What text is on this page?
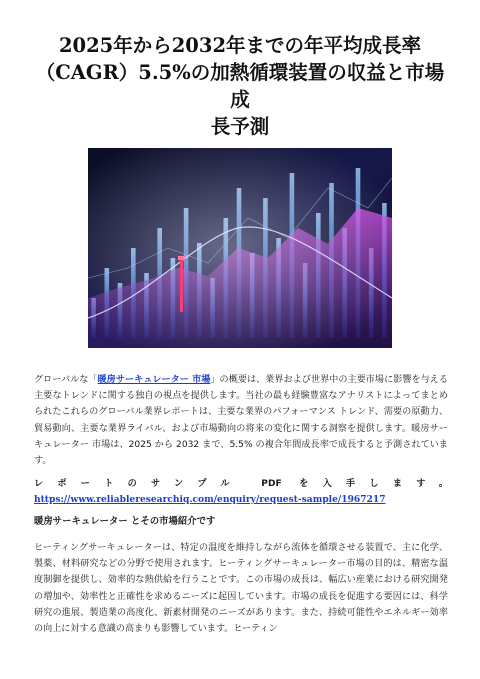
2025年から2032年までの年平均成長率
（CAGR）5.5%の加熱循環装置の収益と市場成
長予測

グローバルな「暖房サーキュレーター 市場」の概要は、業界および世界中の主要市場に影響を与える主要なトレンドに関する独自の視点を提供します。当社の最も経験豊富なアナリストによってまとめられたこれらのグローバル業界レポートは、主要な業界のパフォーマンス トレンド、需要の原動力、貿易動向、主要な業界ライバル、および市場動向の将来の変化に関する洞察を提供します。暖房サーキュレーター 市場は、2025 から 2032 まで、5.5% の複合年間成長率で成長すると予測されています。

レポートのサンプル PDF を入手します。https://www.reliableresearchiq.com/enquiry/request-sample/1967217

暖房サーキュレーター とその市場紹介です

ヒーティングサーキュレーターは、特定の温度を維持しながら流体を循環させる装置で、主に化学、製薬、材料研究などの分野で使用されます。ヒーティングサーキュレーター市場の目的は、精密な温度制御を提供し、効率的な熱供給を行うことです。この市場の成長は、幅広い産業における研究開発の増加や、効率性と正確性を求めるニーズに起因しています。市場の成長を促進する要因には、科学研究の進展、製造業の高度化、新素材開発のニーズがあります。また、持続可能性やエネルギー効率の向上に対する意識の高まりも影響しています。ヒーティン
